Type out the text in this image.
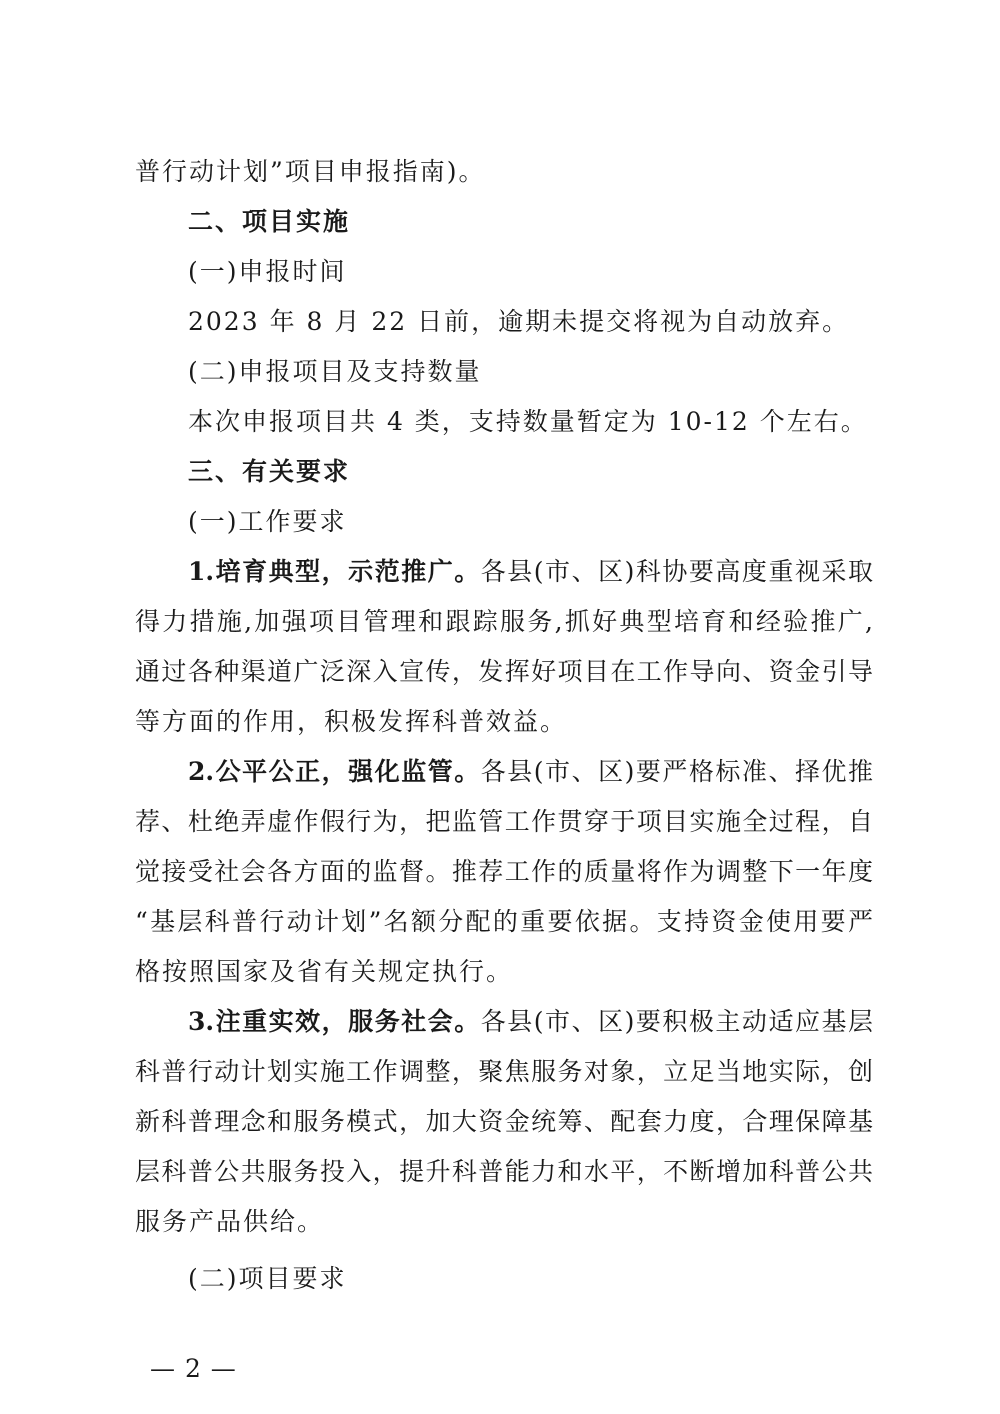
普行动计划”项目申报指南)。
二、项目实施
(一)申报时间
2023 年 8 月 22 日前，逾期未提交将视为自动放弃。
(二)申报项目及支持数量
本次申报项目共 4 类，支持数量暂定为 10-12 个左右。
三、有关要求
(一)工作要求
1.培育典型，示范推广。各县(市、区)科协要高度重视采取
得力措施,加强项目管理和跟踪服务,抓好典型培育和经验推广,
通过各种渠道广泛深入宣传，发挥好项目在工作导向、资金引导
等方面的作用，积极发挥科普效益。
2.公平公正，强化监管。各县(市、区)要严格标准、择优推
荐、杜绝弄虚作假行为，把监管工作贯穿于项目实施全过程，自
觉接受社会各方面的监督。推荐工作的质量将作为调整下一年度
“基层科普行动计划”名额分配的重要依据。支持资金使用要严
格按照国家及省有关规定执行。
3.注重实效，服务社会。各县(市、区)要积极主动适应基层
科普行动计划实施工作调整，聚焦服务对象，立足当地实际，创
新科普理念和服务模式，加大资金统筹、配套力度，合理保障基
层科普公共服务投入，提升科普能力和水平，不断增加科普公共
服务产品供给。
(二)项目要求
— 2 —
